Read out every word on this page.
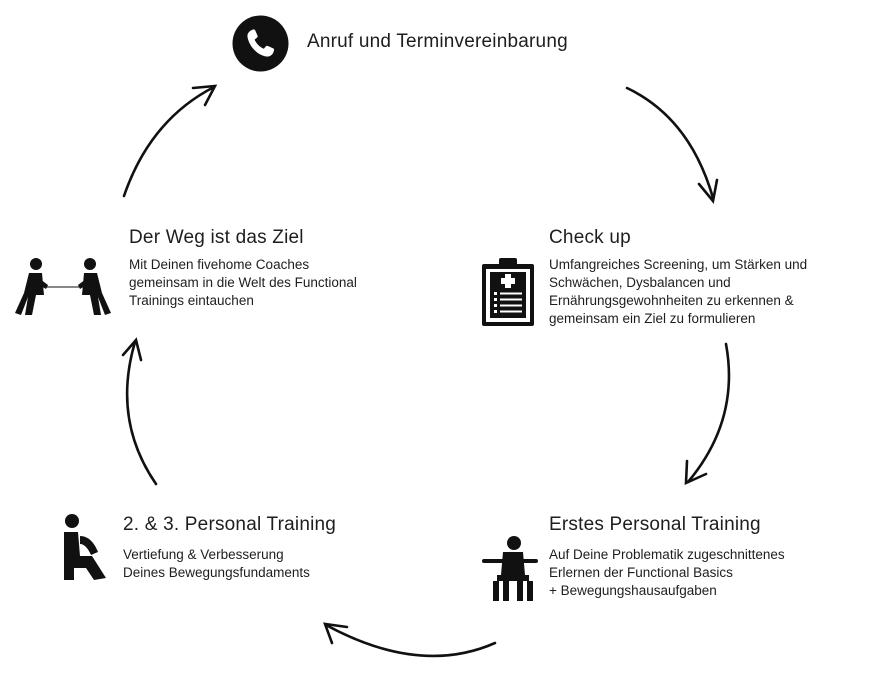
Anruf und Terminvereinbarung
Check up
Umfangreiches Screening, um Stärken und
Schwächen, Dysbalancen und
Ernährungsgewohnheiten zu erkennen &
gemeinsam ein Ziel zu formulieren
Erstes Personal Training
Auf Deine Problematik zugeschnittenes
Erlernen der Functional Basics
+ Bewegungshausaufgaben
2. & 3. Personal Training
Vertiefung & Verbesserung
Deines Bewegungsfundaments
Der Weg ist das Ziel
Mit Deinen fivehome Coaches
gemeinsam in die Welt des Functional
Trainings eintauchen
